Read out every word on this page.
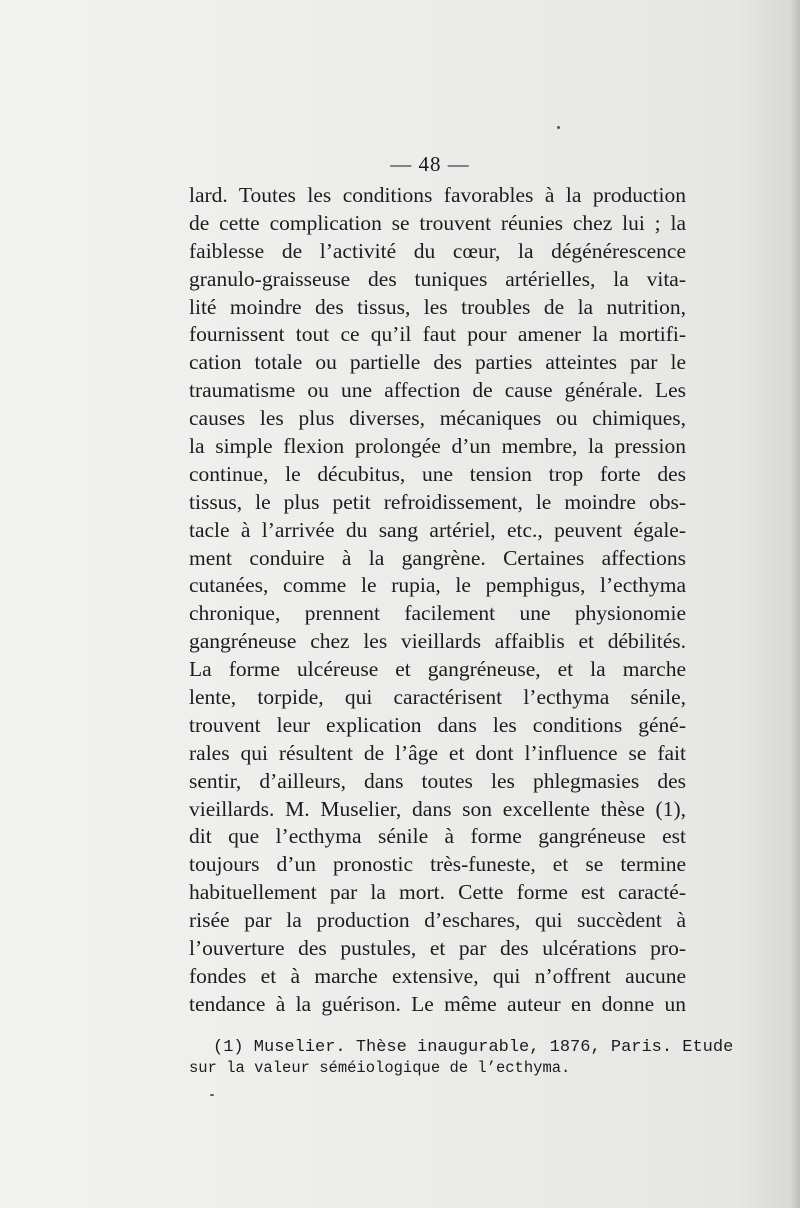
— 48 —
lard. Toutes les conditions favorables à la production
de cette complication se trouvent réunies chez lui ; la
faiblesse de l’activité du cœur, la dégénérescence
granulo-graisseuse des tuniques artérielles, la vita-
lité moindre des tissus, les troubles de la nutrition,
fournissent tout ce qu’il faut pour amener la mortifi-
cation totale ou partielle des parties atteintes par le
traumatisme ou une affection de cause générale. Les
causes les plus diverses, mécaniques ou chimiques,
la simple flexion prolongée d’un membre, la pression
continue, le décubitus, une tension trop forte des
tissus, le plus petit refroidissement, le moindre obs-
tacle à l’arrivée du sang artériel, etc., peuvent égale-
ment conduire à la gangrène. Certaines affections
cutanées, comme le rupia, le pemphigus, l’ecthyma
chronique, prennent facilement une physionomie
gangréneuse chez les vieillards affaiblis et débilités.
La forme ulcéreuse et gangréneuse, et la marche
lente, torpide, qui caractérisent l’ecthyma sénile,
trouvent leur explication dans les conditions géné-
rales qui résultent de l’âge et dont l’influence se fait
sentir, d’ailleurs, dans toutes les phlegmasies des
vieillards. M. Muselier, dans son excellente thèse (1),
dit que l’ecthyma sénile à forme gangréneuse est
toujours d’un pronostic très-funeste, et se termine
habituellement par la mort. Cette forme est caracté-
risée par la production d’eschares, qui succèdent à
l’ouverture des pustules, et par des ulcérations pro-
fondes et à marche extensive, qui n’offrent aucune
tendance à la guérison. Le même auteur en donne un
(1) Muselier. Thèse inaugurable, 1876, Paris. Etude
sur la valeur séméiologique de l’ecthyma.
